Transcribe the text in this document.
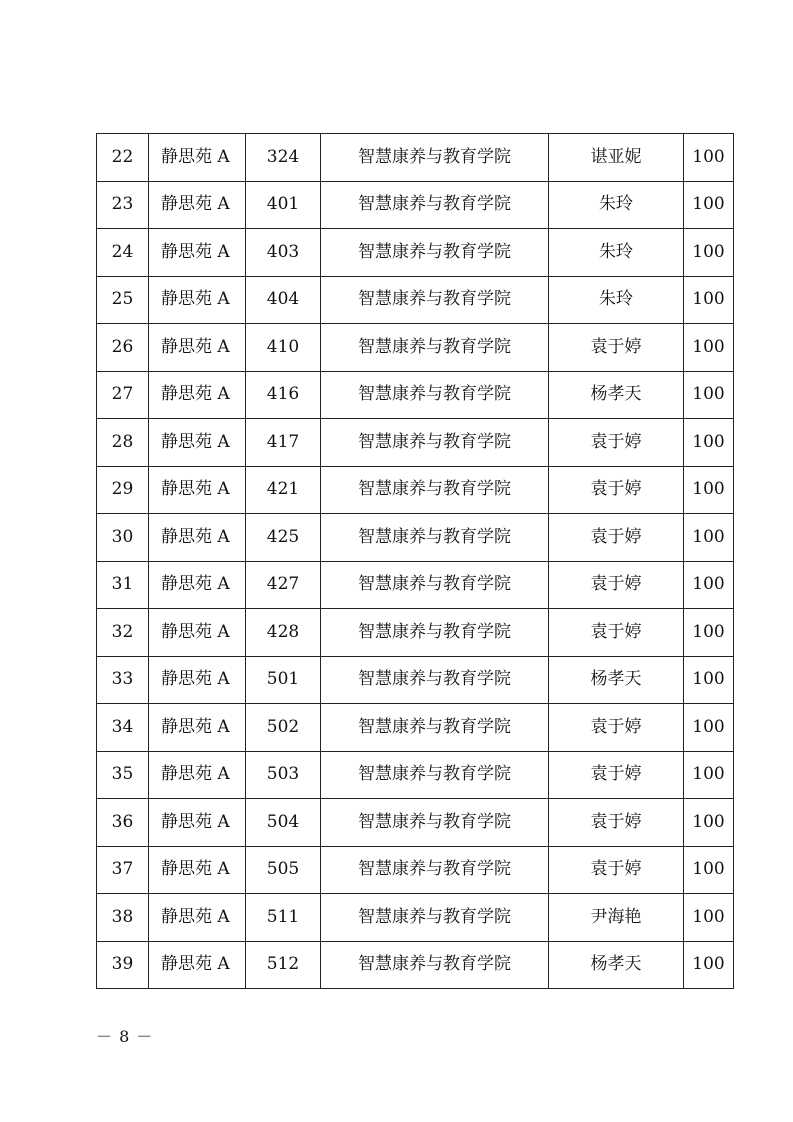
22	静思苑 A	324	智慧康养与教育学院	谌亚妮	100
23	静思苑 A	401	智慧康养与教育学院	朱玲	100
24	静思苑 A	403	智慧康养与教育学院	朱玲	100
25	静思苑 A	404	智慧康养与教育学院	朱玲	100
26	静思苑 A	410	智慧康养与教育学院	袁于婷	100
27	静思苑 A	416	智慧康养与教育学院	杨孝天	100
28	静思苑 A	417	智慧康养与教育学院	袁于婷	100
29	静思苑 A	421	智慧康养与教育学院	袁于婷	100
30	静思苑 A	425	智慧康养与教育学院	袁于婷	100
31	静思苑 A	427	智慧康养与教育学院	袁于婷	100
32	静思苑 A	428	智慧康养与教育学院	袁于婷	100
33	静思苑 A	501	智慧康养与教育学院	杨孝天	100
34	静思苑 A	502	智慧康养与教育学院	袁于婷	100
35	静思苑 A	503	智慧康养与教育学院	袁于婷	100
36	静思苑 A	504	智慧康养与教育学院	袁于婷	100
37	静思苑 A	505	智慧康养与教育学院	袁于婷	100
38	静思苑 A	511	智慧康养与教育学院	尹海艳	100
39	静思苑 A	512	智慧康养与教育学院	杨孝天	100
－ 8 －
